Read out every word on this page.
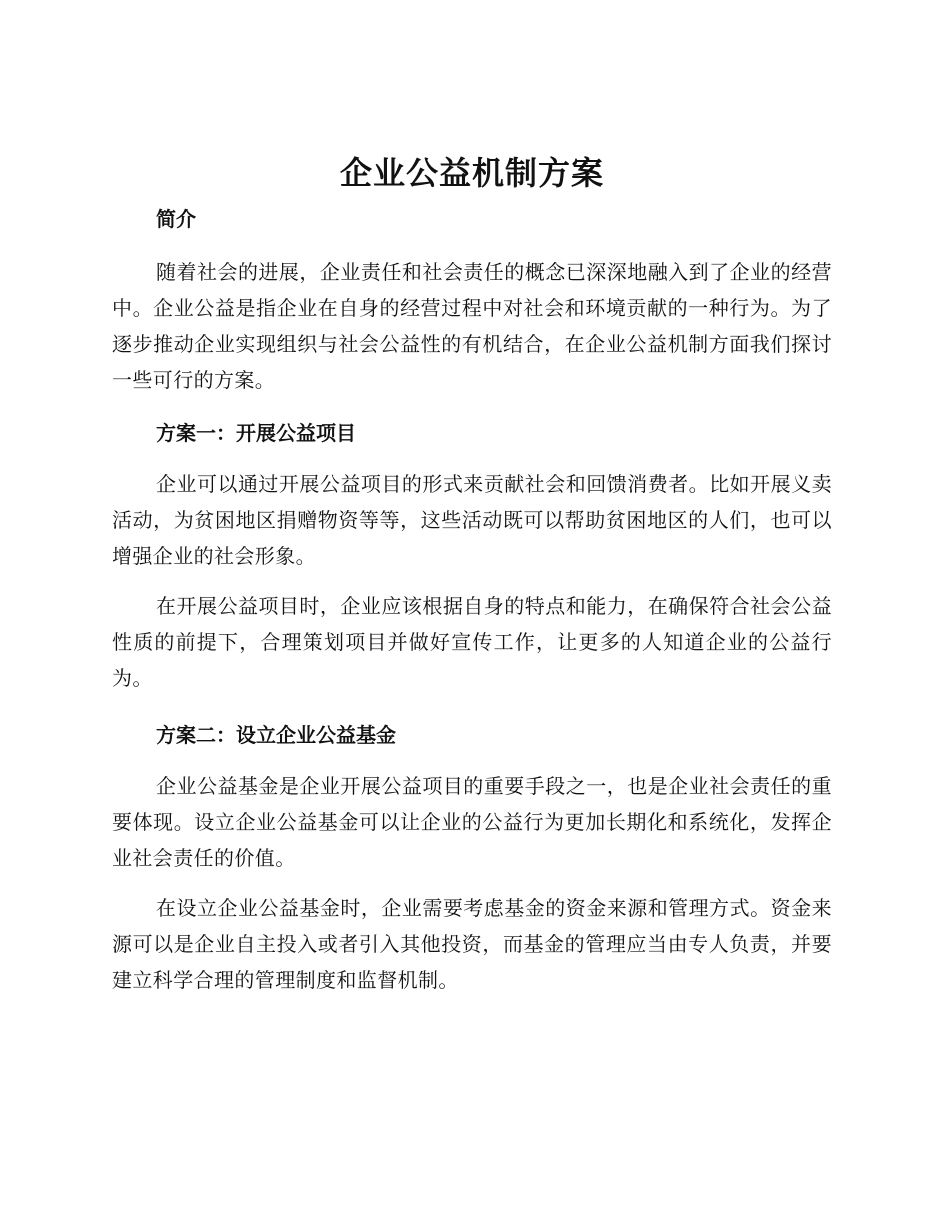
企业公益机制方案
简介

随着社会的进展，企业责任和社会责任的概念已深深地融入到了企业的经营中。企业公益是指企业在自身的经营过程中对社会和环境贡献的一种行为。为了逐步推动企业实现组织与社会公益性的有机结合，在企业公益机制方面我们探讨一些可行的方案。

方案一：开展公益项目

企业可以通过开展公益项目的形式来贡献社会和回馈消费者。比如开展义卖活动，为贫困地区捐赠物资等等，这些活动既可以帮助贫困地区的人们，也可以增强企业的社会形象。

在开展公益项目时，企业应该根据自身的特点和能力，在确保符合社会公益性质的前提下，合理策划项目并做好宣传工作，让更多的人知道企业的公益行为。

方案二：设立企业公益基金

企业公益基金是企业开展公益项目的重要手段之一，也是企业社会责任的重要体现。设立企业公益基金可以让企业的公益行为更加长期化和系统化，发挥企业社会责任的价值。

在设立企业公益基金时，企业需要考虑基金的资金来源和管理方式。资金来源可以是企业自主投入或者引入其他投资，而基金的管理应当由专人负责，并要建立科学合理的管理制度和监督机制。
